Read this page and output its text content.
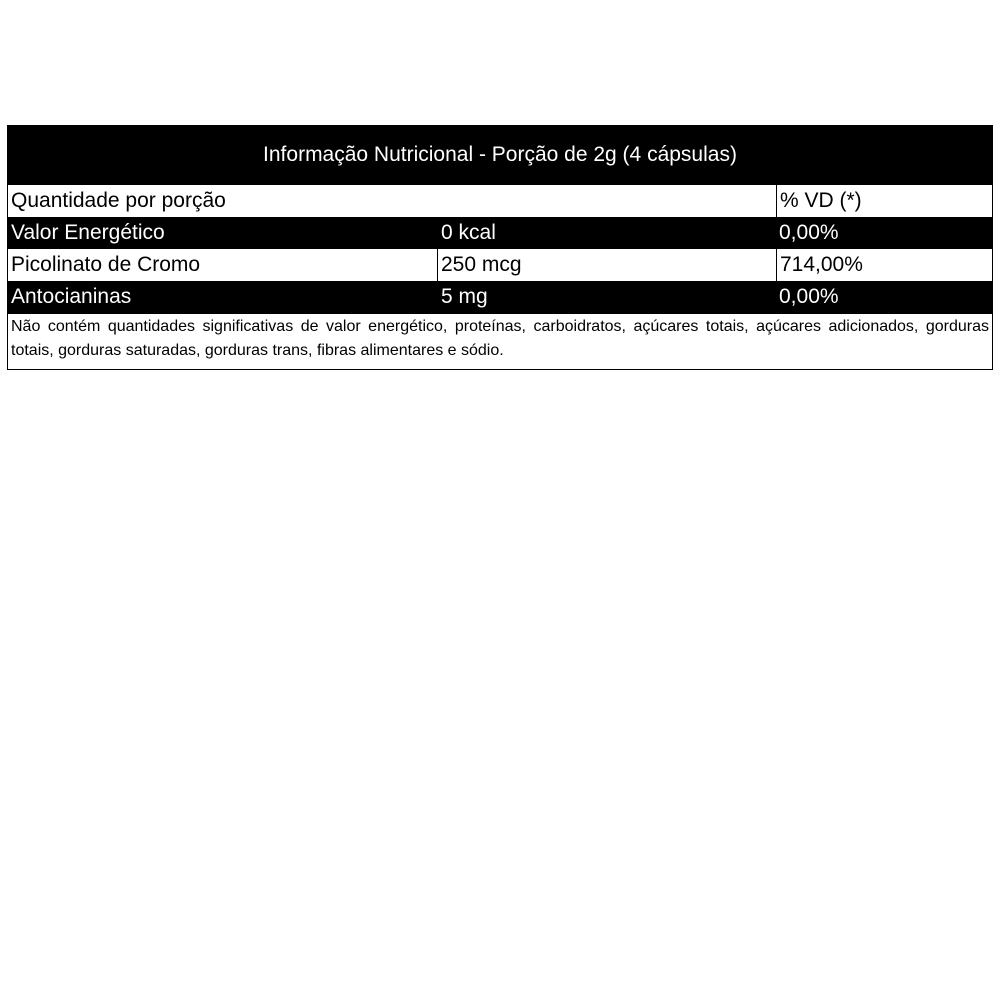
Informação Nutricional - Porção de 2g (4 cápsulas)
Quantidade por porção	% VD (*)
Valor Energético	0 kcal	0,00%
Picolinato de Cromo	250 mcg	714,00%
Antocianinas	5 mg	0,00%
Não contém quantidades significativas de valor energético, proteínas, carboidratos, açúcares totais, açúcares adicionados, gorduras totais, gorduras saturadas, gorduras trans, fibras alimentares e sódio.
